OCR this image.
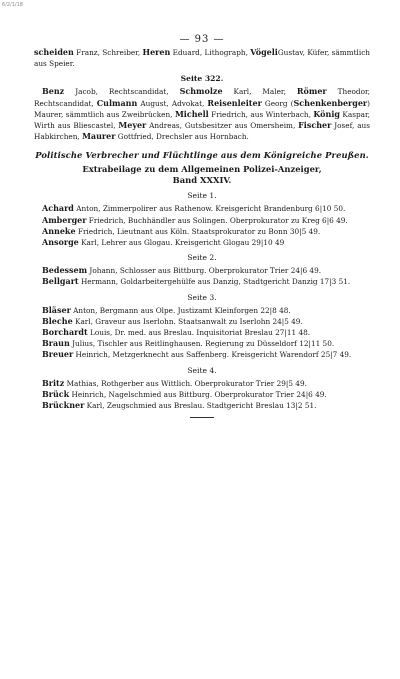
6/2/1/18
— 93 —

scheiden Franz, Schreiber, Heren Eduard, Lithograph, VögeliGustav, Küfer, sämmtlich aus Speier.

Seite 322.

Benz Jacob, Rechtscandidat, Schmolze Karl, Maler, Römer Theodor, Rechtscandidat, Culmann August, Advokat, Reisenleiter Georg (Schenkenberger) Maurer, sämmtlich aus Zweibrücken, Michell Friedrich, aus Winterbach, König Kaspar, Wirth aus Bliescastel, Meyer Andreas, Gutsbesitzer aus Omersheim, Fischer Josef, aus Habkirchen, Maurer Gottfried, Drechsler aus Hornbach.

Politische Verbrecher und Flüchtlinge aus dem Königreiche Preußen.
Extrabeilage zu dem Allgemeinen Polizei-Anzeiger,
Band XXXIV.
Seite 1.

Achard Anton, Zimmerpolirer aus Rathenow. Kreisgericht Brandenburg 6|10 50.

Amberger Friedrich, Buchhändler aus Solingen. Oberprokurator zu Kreg 6|6 49.

Anneke Friedrich, Lieutnant aus Köln. Staatsprokurator zu Bonn 30|5 49.

Ansorge Karl, Lehrer aus Glogau. Kreisgericht Glogau 29|10 49

Seite 2.

Bedessem Johann, Schlosser aus Bittburg. Oberprokurator Trier 24|6 49.

Bellgart Hermann, Goldarbeitergehülfe aus Danzig, Stadtgericht Danzig 17|3 51.

Seite 3.

Bläser Anton, Bergmann aus Olpe. Justizamt Kleinforgen 22|8 48.

Bleche Karl, Graveur aus Iserlohn. Staatsanwalt zu Iserlohn 24|5 49.

Borchardt Louis, Dr. med. aus Breslau. Inquisitoriat Breslau 27|11 48.

Braun Julius, Tischler aus Reitlinghausen. Regierung zu Düsseldorf 12|11 50.

Breuer Heinrich, Metzgerknecht aus Saffenberg. Kreisgericht Warendorf 25|7 49.

Seite 4.

Britz Mathias, Rothgerber aus Wittlich. Oberprokurator Trier 29|5 49.

Brück Heinrich, Nagelschmied aus Bittburg. Oberprokurator Trier 24|6 49.

Brückner Karl, Zeugschmied aus Breslau. Stadtgericht Breslau 13|2 51.
